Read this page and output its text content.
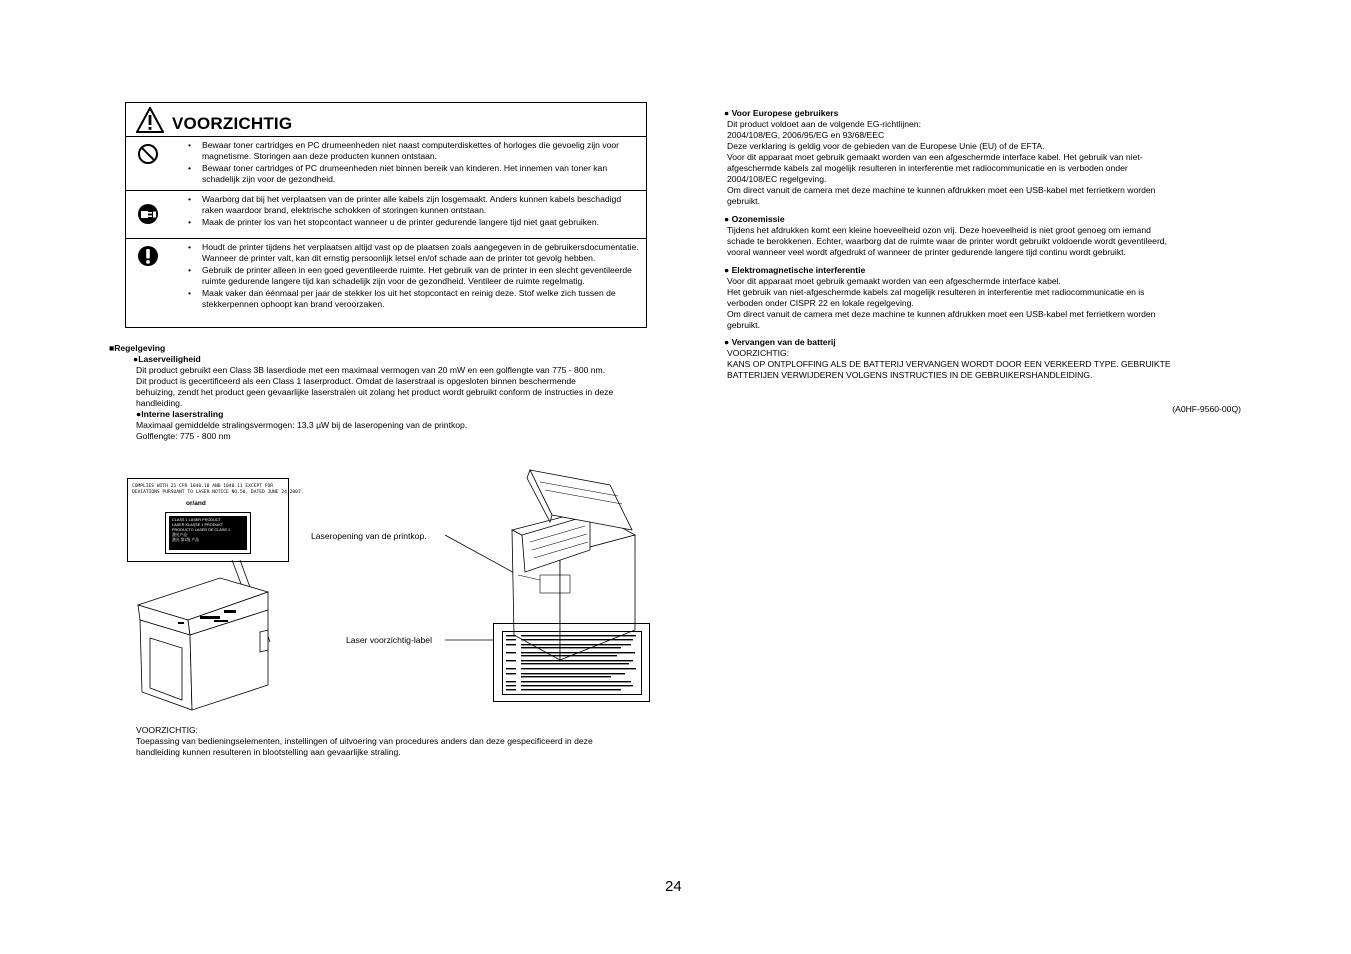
VOORZICHTIG
• Bewaar toner cartridges en PC drumeenheden niet naast computerdiskettes of horloges die gevoelig zijn voor magnetisme. Storingen aan deze producten kunnen ontstaan.
• Bewaar toner cartridges of PC drumeenheden niet binnen bereik van kinderen. Het innemen van toner kan schadelijk zijn voor de gezondheid.
• Waarborg dat bij het verplaatsen van de printer alle kabels zijn losgemaakt. Anders kunnen kabels beschadigd raken waardoor brand, elektrische schokken of storingen kunnen ontstaan.
• Maak de printer los van het stopcontact wanneer u de printer gedurende langere tijd niet gaat gebruiken.
• Houdt de printer tijdens het verplaatsen altijd vast op de plaatsen zoals aangegeven in de gebruikersdocumentatie. Wanneer de printer valt, kan dit ernstig persoonlijk letsel en/of schade aan de printer tot gevolg hebben.
• Gebruik de printer alleen in een goed geventileerde ruimte. Het gebruik van de printer in een slecht geventileerde ruimte gedurende langere tijd kan schadelijk zijn voor de gezondheid. Ventileer de ruimte regelmatig.
• Maak vaker dan éénmaal per jaar de stekker los uit het stopcontact en reinig deze. Stof welke zich tussen de stekkerpennen ophoopt kan brand veroorzaken.
■Regelgeving
●Laserveiligheid
Dit product gebruikt een Class 3B laserdiode met een maximaal vermogen van 20 mW en een golflengte van 775 - 800 nm.
Dit product is gecertificeerd als een Class 1 laserproduct. Omdat de laserstraal is opgesloten binnen beschermende
behuizing, zendt het product geen gevaarlijke laserstralen uit zolang het product wordt gebruikt conform de instructies in deze
handleiding.
●Interne laserstraling
Maximaal gemiddelde stralingsvermogen: 13,3 µW bij de laseropening van de printkop.
Golflengte: 775 - 800 nm
COMPLIES WITH 21 CFR 1040.10 AND 1040.11 EXCEPT FOR
DEVIATIONS PURSUANT TO LASER NOTICE NO.50, DATED JUNE 24,2007.
or/and
CLASS 1 LASER PRODUCT
LASER KLASSE 1 PRODUKT
PRODUCTO LASER DE CLASE 1
激光产品
激光 第1级 产品	Laseropening van de printkop.
Laser voorzichtig-label
VOORZICHTIG:
Toepassing van bedieningselementen, instellingen of uitvoering van procedures anders dan deze gespecificeerd in deze
handleiding kunnen resulteren in blootstelling aan gevaarlijke straling.
● Voor Europese gebruikers
Dit product voldoet aan de volgende EG-richtlijnen:
2004/108/EG, 2006/95/EG en 93/68/EEC
Deze verklaring is geldig voor de gebieden van de Europese Unie (EU) of de EFTA.
Voor dit apparaat moet gebruik gemaakt worden van een afgeschermde interface kabel. Het gebruik van niet-
afgeschermde kabels zal mogelijk resulteren in interferentie met radiocommunicatie en is verboden onder
2004/108/EC regelgeving.
Om direct vanuit de camera met deze machine te kunnen afdrukken moet een USB-kabel met ferrietkern worden
gebruikt.
● Ozonemissie
Tijdens het afdrukken komt een kleine hoeveelheid ozon vrij. Deze hoeveelheid is niet groot genoeg om iemand
schade te berokkenen. Echter, waarborg dat de ruimte waar de printer wordt gebruikt voldoende wordt geventileerd,
vooral wanneer veel wordt afgedrukt of wanneer de printer gedurende langere tijd continu wordt gebruikt.
● Elektromagnetische interferentie
Voor dit apparaat moet gebruik gemaakt worden van een afgeschermde interface kabel.
Het gebruik van niet-afgeschermde kabels zal mogelijk resulteren in interferentie met radiocommunicatie en is
verboden onder CISPR 22 en lokale regelgeving.
Om direct vanuit de camera met deze machine te kunnen afdrukken moet een USB-kabel met ferrietkern worden
gebruikt.
● Vervangen van de batterij
VOORZICHTIG:
KANS OP ONTPLOFFING ALS DE BATTERIJ VERVANGEN WORDT DOOR EEN VERKEERD TYPE. GEBRUIKTE
BATTERIJEN VERWIJDEREN VOLGENS INSTRUCTIES IN DE GEBRUIKERSHANDLEIDING.
(A0HF-9560-00Q)
24
